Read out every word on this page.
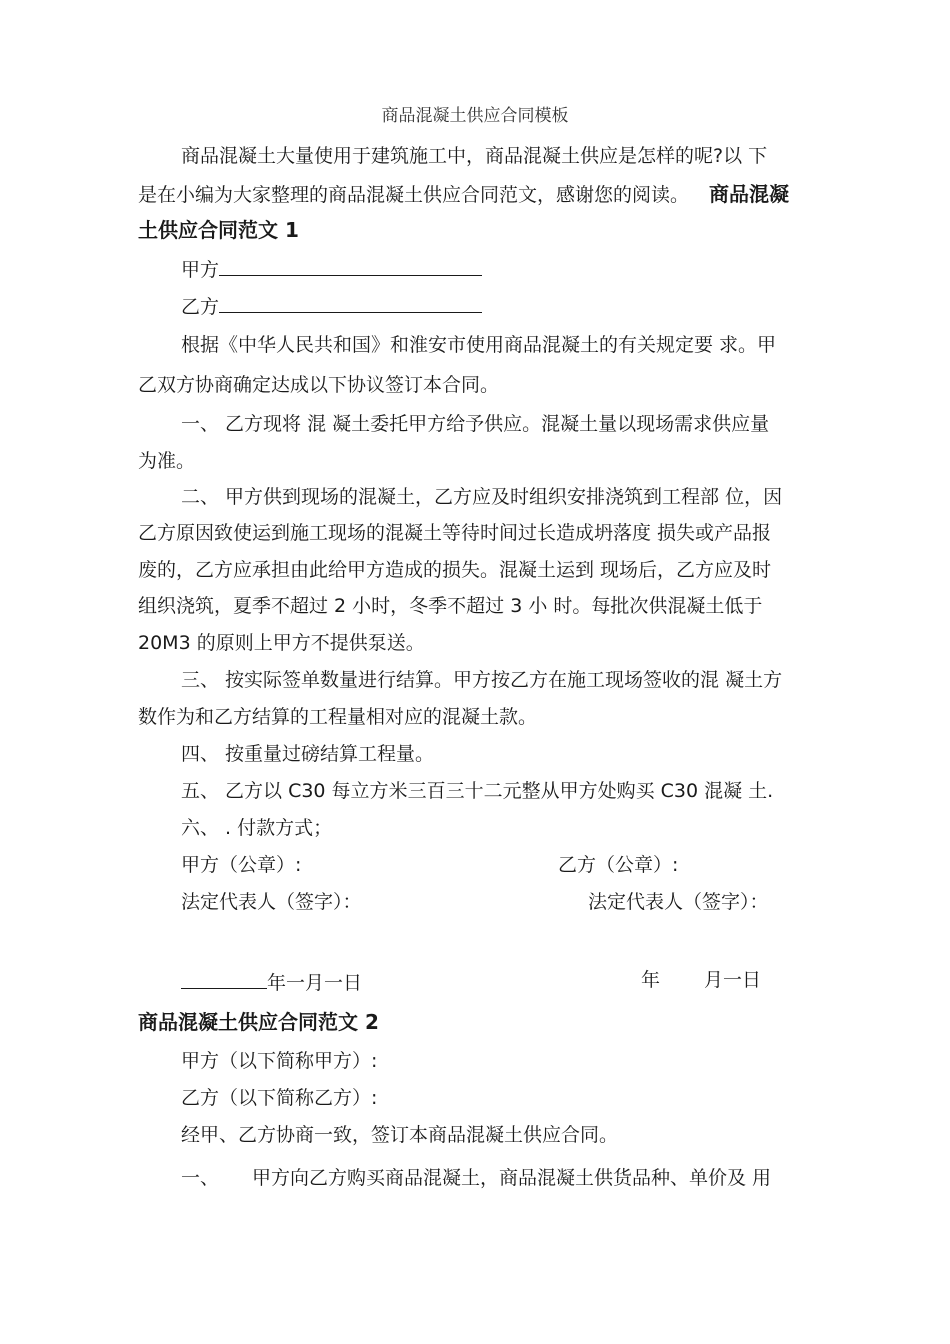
商品混凝土供应合同模板
商品混凝土大量使用于建筑施工中，商品混凝土供应是怎样的呢?以 下
是在小编为大家整理的商品混凝土供应合同范文，感谢您的阅读。 商品混凝
土供应合同范文 1
甲方
乙方
根据《中华人民共和国》和淮安市使用商品混凝土的有关规定要 求。甲
乙双方协商确定达成以下协议签订本合同。
一、 乙方现将 混 凝土委托甲方给予供应。混凝土量以现场需求供应量
为准。
二、 甲方供到现场的混凝土，乙方应及时组织安排浇筑到工程部 位，因
乙方原因致使运到施工现场的混凝土等待时间过长造成坍落度 损失或产品报
废的，乙方应承担由此给甲方造成的损失。混凝土运到 现场后，乙方应及时
组织浇筑，夏季不超过 2 小时，冬季不超过 3 小 时。每批次供混凝土低于
20M3 的原则上甲方不提供泵送。
三、 按实际签单数量进行结算。甲方按乙方在施工现场签收的混 凝土方
数作为和乙方结算的工程量相对应的混凝土款。
四、 按重量过磅结算工程量。
五、 乙方以 C30 每立方米三百三十二元整从甲方处购买 C30 混凝 土.
六、 . 付款方式；
甲方（公章）:	乙方（公章）:
法定代表人（签字）：	法定代表人（签字）：
年一月一日	年 月一日
商品混凝土供应合同范文 2
甲方（以下简称甲方）:
乙方（以下简称乙方）:
经甲、乙方协商一致，签订本商品混凝土供应合同。
一、 甲方向乙方购买商品混凝土，商品混凝土供货品种、单价及 用
